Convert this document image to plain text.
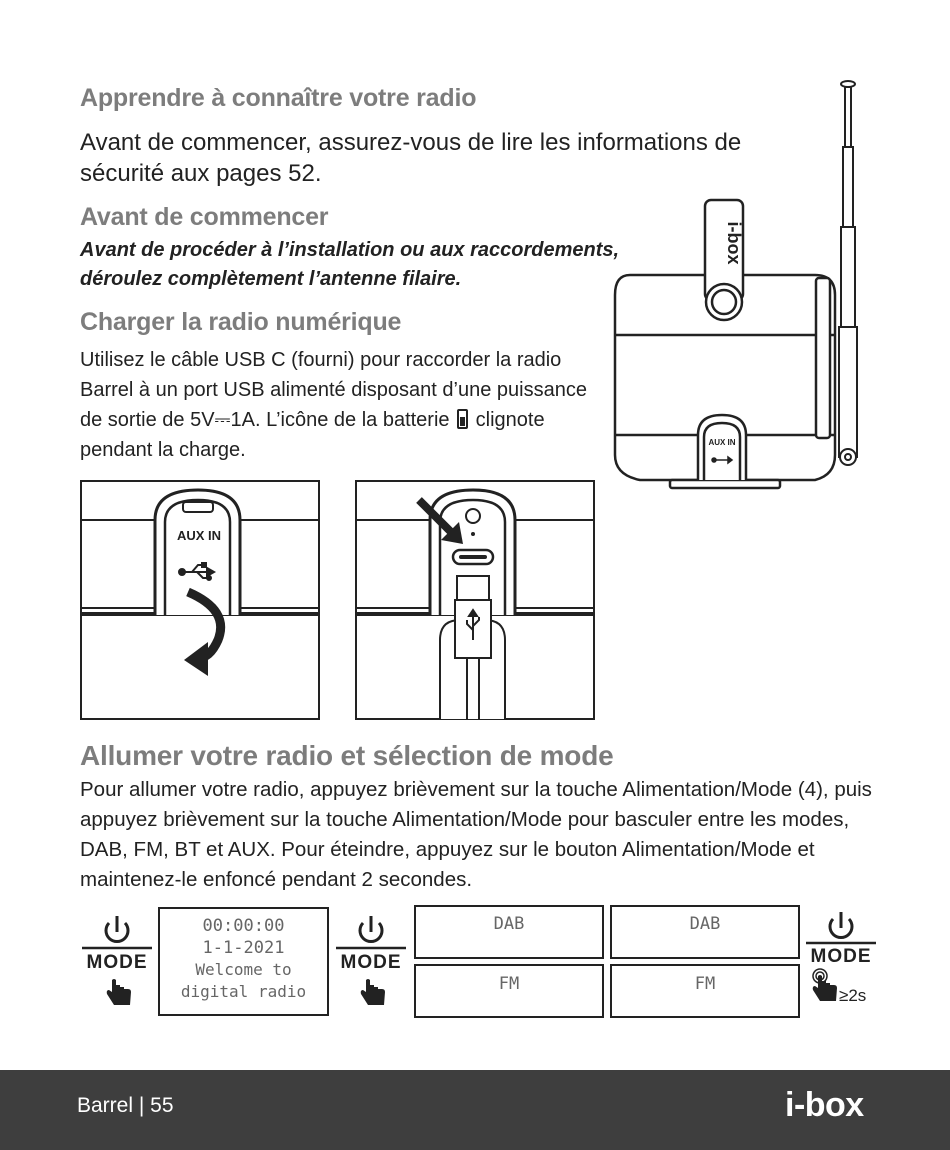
Apprendre à connaître votre radio
Avant de commencer, assurez-vous de lire les informations de sécurité aux pages 52.
Avant de commencer
Avant de procéder à l’installation ou aux raccordements, déroulez complètement l’antenne filaire.
Charger la radio numérique
Utilisez le câble USB C (fourni) pour raccorder la radio Barrel à un port USB alimenté disposant d’une puissance de sortie de 5V⎓1A. L’icône de la batterie clignote pendant la charge.
i-box
AUX IN
AUX IN
Allumer votre radio et sélection de mode
Pour allumer votre radio, appuyez brièvement sur la touche Alimentation/Mode (4), puis appuyez brièvement sur la touche Alimentation/Mode pour basculer entre les modes, DAB, FM, BT et AUX. Pour éteindre, appuyez sur le bouton Alimentation/Mode et maintenez-le enfoncé pendant 2 secondes.
MODE
00:00:00
1-1-2021
Welcome to
digital radio
MODE
DAB	DAB
FM	FM
MODE
≥2s
Barrel | 55	i-box
